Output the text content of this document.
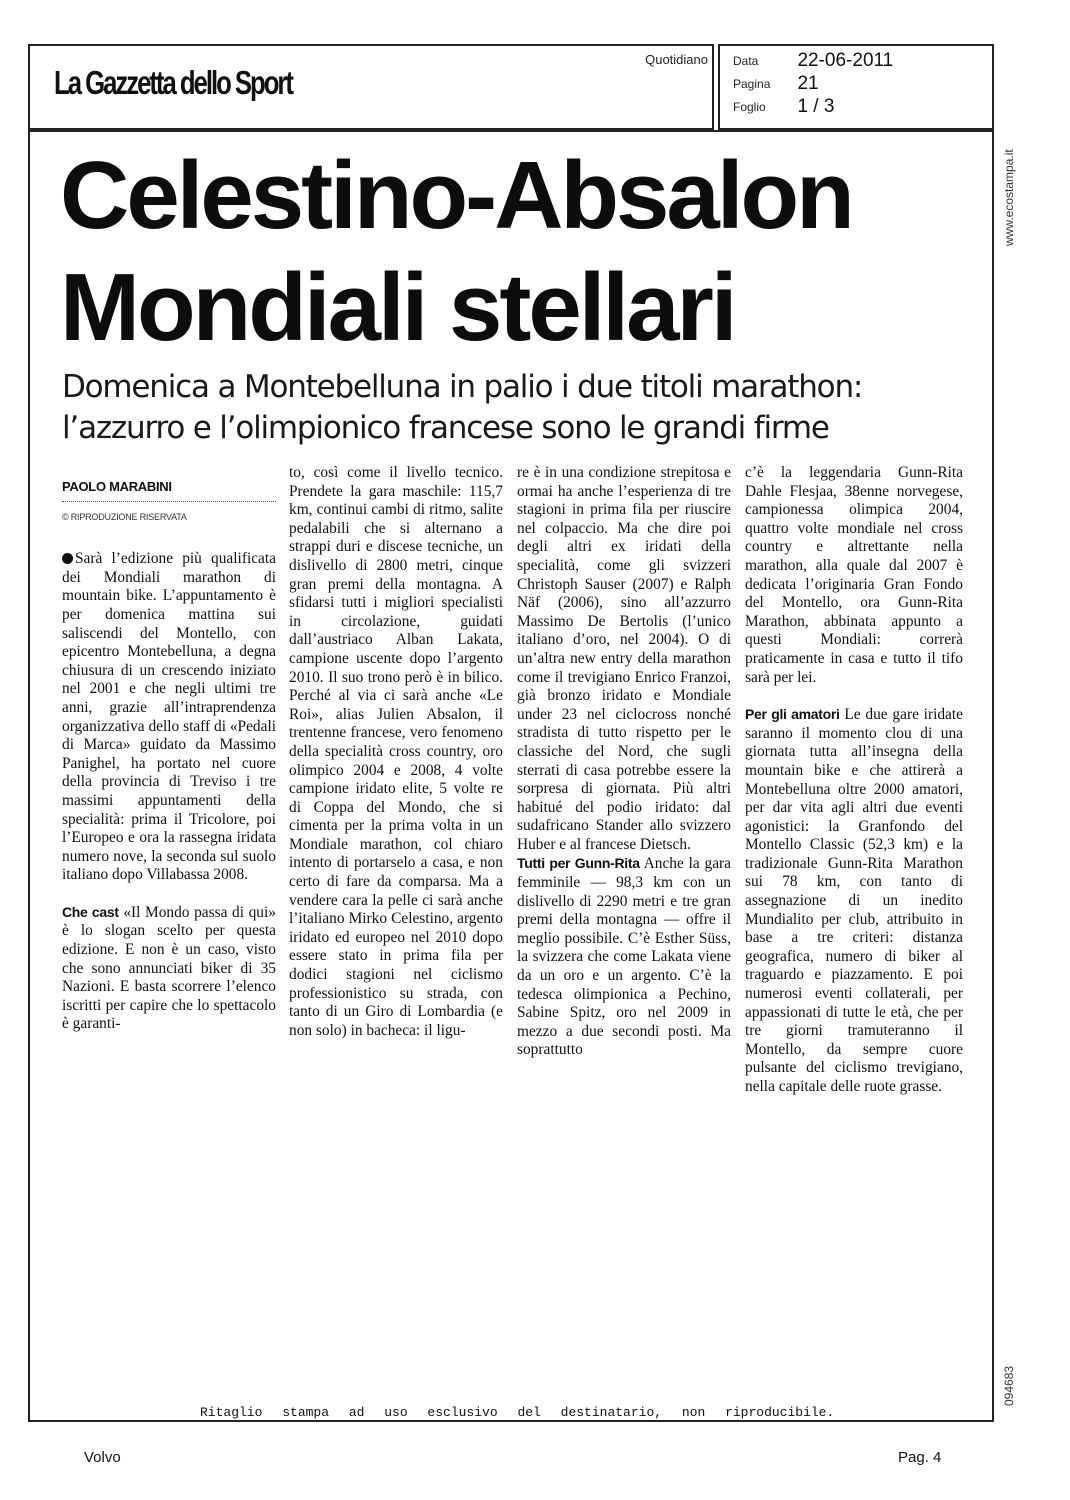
La Gazzetta dello Sport
Quotidiano Data 22-06-2011
Pagina 21
Foglio 1 / 3
www.ecostampa.it
094683
Celestino-Absalon
Mondiali stellari
Domenica a Montebelluna in palio i due titoli marathon:
l’azzurro e l’olimpionico francese sono le grandi firme
PAOLO MARABINI
© RIPRODUZIONE RISERVATA

Sarà l’edizione più qualificata dei Mondiali marathon di mountain bike. L’appuntamento è per domenica mattina sui saliscendi del Montello, con epicentro Montebelluna, a degna chiusura di un crescendo iniziato nel 2001 e che negli ultimi tre anni, grazie all’intraprendenza organizzativa dello staff di «Pedali di Marca» guidato da Massimo Panighel, ha portato nel cuore della provincia di Treviso i tre massimi appuntamenti della specialità: prima il Tricolore, poi l’Europeo e ora la rassegna iridata numero nove, la seconda sul suolo italiano dopo Villabassa 2008.

Che cast «Il Mondo passa di qui» è lo slogan scelto per questa edizione. E non è un caso, visto che sono annunciati biker di 35 Nazioni. E basta scorrere l’elenco iscritti per capire che lo spettacolo è garanti-

to, così come il livello tecnico. Prendete la gara maschile: 115,7 km, continui cambi di ritmo, salite pedalabili che si alternano a strappi duri e discese tecniche, un dislivello di 2800 metri, cinque gran premi della montagna. A sfidarsi tutti i migliori specialisti in circolazione, guidati dall’austriaco Alban Lakata, campione uscente dopo l’argento 2010. Il suo trono però è in bilico. Perché al via ci sarà anche «Le Roi», alias Julien Absalon, il trentenne francese, vero fenomeno della specialità cross country, oro olimpico 2004 e 2008, 4 volte campione iridato elite, 5 volte re di Coppa del Mondo, che si cimenta per la prima volta in un Mondiale marathon, col chiaro intento di portarselo a casa, e non certo di fare da comparsa. Ma a vendere cara la pelle ci sarà anche l’italiano Mirko Celestino, argento iridato ed europeo nel 2010 dopo essere stato in prima fila per dodici stagioni nel ciclismo professionistico su strada, con tanto di un Giro di Lombardia (e non solo) in bacheca: il ligu-

re è in una condizione strepitosa e ormai ha anche l’esperienza di tre stagioni in prima fila per riuscire nel colpaccio. Ma che dire poi degli altri ex iridati della specialità, come gli svizzeri Christoph Sauser (2007) e Ralph Näf (2006), sino all’azzurro Massimo De Bertolis (l’unico italiano d’oro, nel 2004). O di un’altra new entry della marathon come il trevigiano Enrico Franzoi, già bronzo iridato e Mondiale under 23 nel ciclocross nonché stradista di tutto rispetto per le classiche del Nord, che sugli sterrati di casa potrebbe essere la sorpresa di giornata. Più altri habitué del podio iridato: dal sudafricano Stander allo svizzero Huber e al francese Dietsch.

Tutti per Gunn-Rita Anche la gara femminile — 98,3 km con un dislivello di 2290 metri e tre gran premi della montagna — offre il meglio possibile. C’è Esther Süss, la svizzera che come Lakata viene da un oro e un argento. C’è la tedesca olimpionica a Pechino, Sabine Spitz, oro nel 2009 in mezzo a due secondi posti. Ma soprattutto

c’è la leggendaria Gunn-Rita Dahle Flesjaa, 38enne norvegese, campionessa olimpica 2004, quattro volte mondiale nel cross country e altrettante nella marathon, alla quale dal 2007 è dedicata l’originaria Gran Fondo del Montello, ora Gunn-Rita Marathon, abbinata appunto a questi Mondiali: correrà praticamente in casa e tutto il tifo sarà per lei.

Per gli amatori Le due gare iridate saranno il momento clou di una giornata tutta all’insegna della mountain bike e che attirerà a Montebelluna oltre 2000 amatori, per dar vita agli altri due eventi agonistici: la Granfondo del Montello Classic (52,3 km) e la tradizionale Gunn-Rita Marathon sui 78 km, con tanto di assegnazione di un inedito Mundialito per club, attribuito in base a tre criteri: distanza geografica, numero di biker al traguardo e piazzamento. E poi numerosi eventi collaterali, per appassionati di tutte le età, che per tre giorni tramuteranno il Montello, da sempre cuore pulsante del ciclismo trevigiano, nella capitale delle ruote grasse.

Ritaglio stampa ad uso esclusivo del destinatario, non riproducibile.
Volvo	Pag. 4
